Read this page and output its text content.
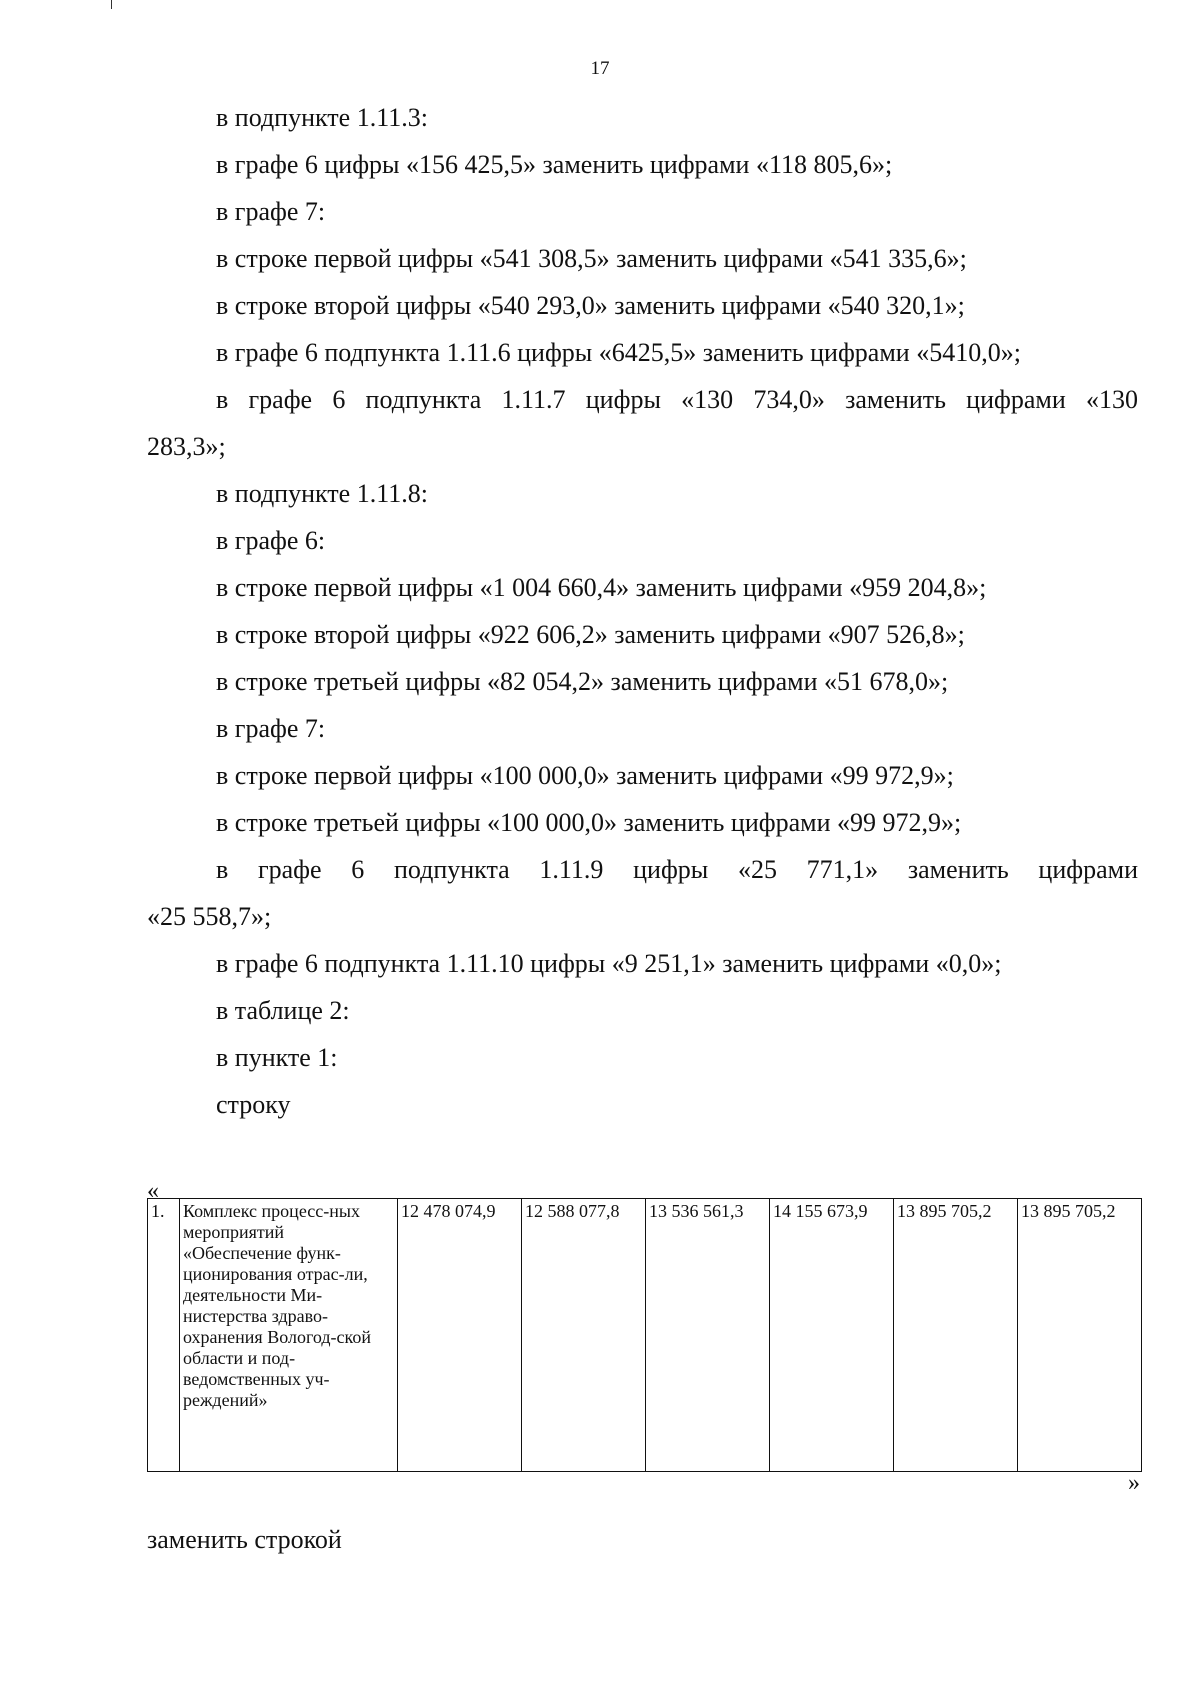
17
в подпункте 1.11.3:
в графе 6 цифры «156 425,5» заменить цифрами «118 805,6»;
в графе 7:
в строке первой цифры «541 308,5» заменить цифрами «541 335,6»;
в строке второй цифры «540 293,0» заменить цифрами «540 320,1»;
в графе 6 подпункта 1.11.6 цифры «6425,5» заменить цифрами «5410,0»;
в графе 6 подпункта 1.11.7 цифры «130 734,0» заменить цифрами «130
283,3»;
в подпункте 1.11.8:
в графе 6:
в строке первой цифры «1 004 660,4» заменить цифрами «959 204,8»;
в строке второй цифры «922 606,2» заменить цифрами «907 526,8»;
в строке третьей цифры «82 054,2» заменить цифрами «51 678,0»;
в графе 7:
в строке первой цифры «100 000,0» заменить цифрами «99 972,9»;
в строке третьей цифры «100 000,0» заменить цифрами «99 972,9»;
в графе 6 подпункта 1.11.9 цифры «25 771,1» заменить цифрами
«25 558,7»;
в графе 6 подпункта 1.11.10 цифры «9 251,1» заменить цифрами «0,0»;
в таблице 2:
в пункте 1:
строку
«
1.	Комплекс процесс-ных мероприятий «Обеспечение функ-ционирования отрас-ли, деятельности Ми-нистерства здраво-охранения Вологод-ской области и под-ведомственных уч-реждений»	12 478 074,9	12 588 077,8	13 536 561,3	14 155 673,9	13 895 705,2	13 895 705,2
»
заменить строкой
